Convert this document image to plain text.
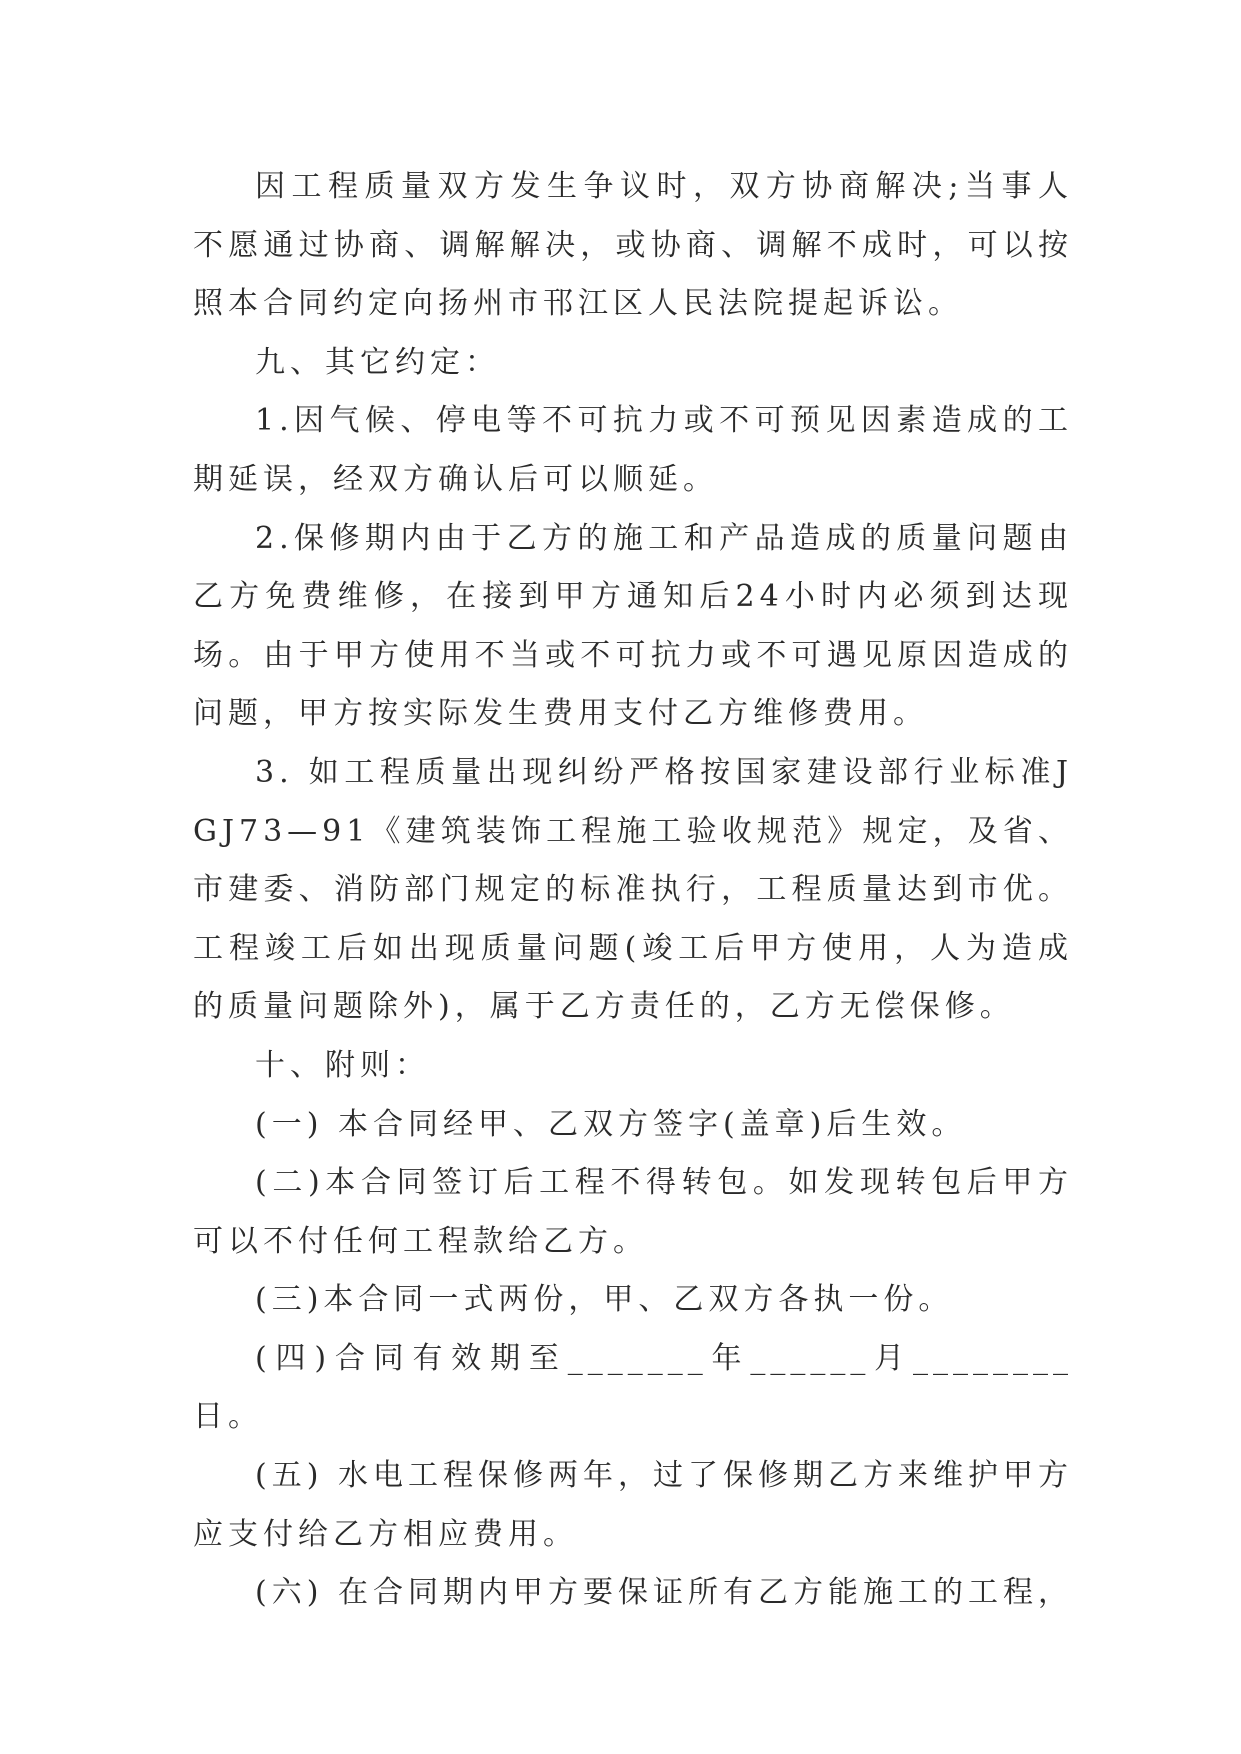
因工程质量双方发生争议时，双方协商解决;当事人不愿通过协商、调解解决，或协商、调解不成时，可以按照本合同约定向扬州市邗江区人民法院提起诉讼。

九、其它约定：

1.因气候、停电等不可抗力或不可预见因素造成的工期延误，经双方确认后可以顺延。

2.保修期内由于乙方的施工和产品造成的质量问题由乙方免费维修，在接到甲方通知后24小时内必须到达现场。由于甲方使用不当或不可抗力或不可遇见原因造成的问题，甲方按实际发生费用支付乙方维修费用。

3. 如工程质量出现纠纷严格按国家建设部行业标准JGJ73—91《建筑装饰工程施工验收规范》规定，及省、市建委、消防部门规定的标准执行，工程质量达到市优。工程竣工后如出现质量问题(竣工后甲方使用，人为造成的质量问题除外)，属于乙方责任的，乙方无偿保修。

十、附则：

(一) 本合同经甲、乙双方签字(盖章)后生效。

(二)本合同签订后工程不得转包。如发现转包后甲方可以不付任何工程款给乙方。

(三)本合同一式两份，甲、乙双方各执一份。

(四)合同有效期至_______年______月________日。

(五) 水电工程保修两年，过了保修期乙方来维护甲方应支付给乙方相应费用。

(六) 在合同期内甲方要保证所有乙方能施工的工程，
